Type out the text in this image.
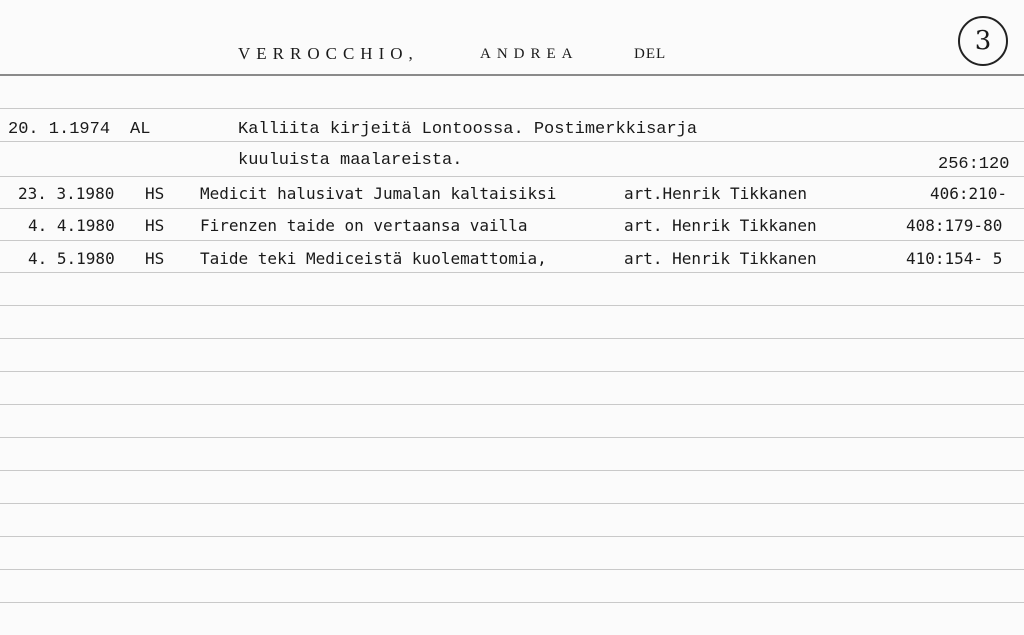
VERROCCHIO,	ANDREA	DEL	3
20. 1.1974 AL	Kalliita kirjeitä Lontoossa. Postimerkkisarja
kuuluista maalareista.	256:120
23. 3.1980 HS Medicit halusivat Jumalan kaltaisiksi	art.Henrik Tikkanen	406:210-
4. 4.1980 HS Firenzen taide on vertaansa vailla	art. Henrik Tikkanen	408:179-80
4. 5.1980 HS Taide teki Mediceistä kuolemattomia,	art. Henrik Tikkanen	410:154- 5
